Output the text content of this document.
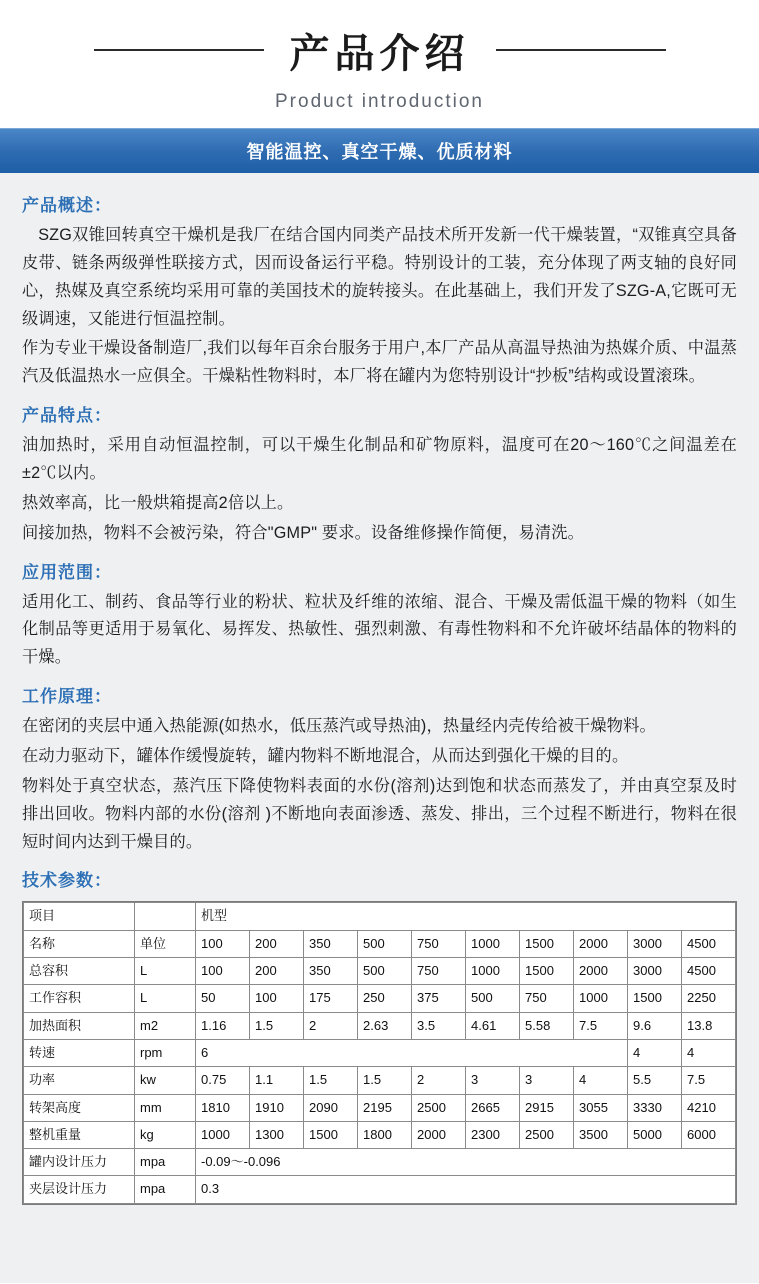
产品介绍
Product introduction
智能温控、真空干燥、优质材料
产品概述：

SZG双锥回转真空干燥机是我厂在结合国内同类产品技术所开发新一代干燥装置，“双锥真空具备皮带、链条两级弹性联接方式，因而设备运行平稳。特别设计的工装，充分体现了两支轴的良好同心，热媒及真空系统均采用可靠的美国技术的旋转接头。在此基础上，我们开发了SZG-A,它既可无级调速，又能进行恒温控制。

作为专业干燥设备制造厂,我们以每年百余台服务于用户,本厂产品从高温导热油为热媒介质、中温蒸汽及低温热水一应俱全。干燥粘性物料时，本厂将在罐内为您特别设计“抄板”结构或设置滚珠。

产品特点：

油加热时，采用自动恒温控制，可以干燥生化制品和矿物原料，温度可在20～160℃之间温差在±2℃以内。

热效率高，比一般烘箱提高2倍以上。

间接加热，物料不会被污染，符合"GMP" 要求。设备维修操作简便，易清洗。

应用范围：

适用化工、制药、食品等行业的粉状、粒状及纤维的浓缩、混合、干燥及需低温干燥的物料（如生化制品等更适用于易氧化、易挥发、热敏性、强烈刺激、有毒性物料和不允许破坏结晶体的物料的干燥。

工作原理：

在密闭的夹层中通入热能源(如热水，低压蒸汽或导热油)，热量经内壳传给被干燥物料。

在动力驱动下，罐体作缓慢旋转，罐内物料不断地混合，从而达到强化干燥的目的。

物料处于真空状态，蒸汽压下降使物料表面的水份(溶剂)达到饱和状态而蒸发了，并由真空泵及时排出回收。物料内部的水份(溶剂 )不断地向表面渗透、蒸发、排出，三个过程不断进行，物料在很短时间内达到干燥目的。

技术参数：
项目		机型									
名称	单位	100	200	350	500	750	1000	1500	2000	3000	4500
总容积	L	100	200	350	500	750	1000	1500	2000	3000	4500
工作容积	L	50	100	175	250	375	500	750	1000	1500	2250
加热面积	m2	1.16	1.5	2	2.63	3.5	4.61	5.58	7.5	9.6	13.8
转速	rpm	6								4	4
功率	kw	0.75	1.1	1.5	1.5	2	3	3	4	5.5	7.5
转架高度	mm	1810	1910	2090	2195	2500	2665	2915	3055	3330	4210
整机重量	kg	1000	1300	1500	1800	2000	2300	2500	3500	5000	6000
罐内设计压力	mpa	-0.09～-0.096									
夹层设计压力	mpa	0.3									
